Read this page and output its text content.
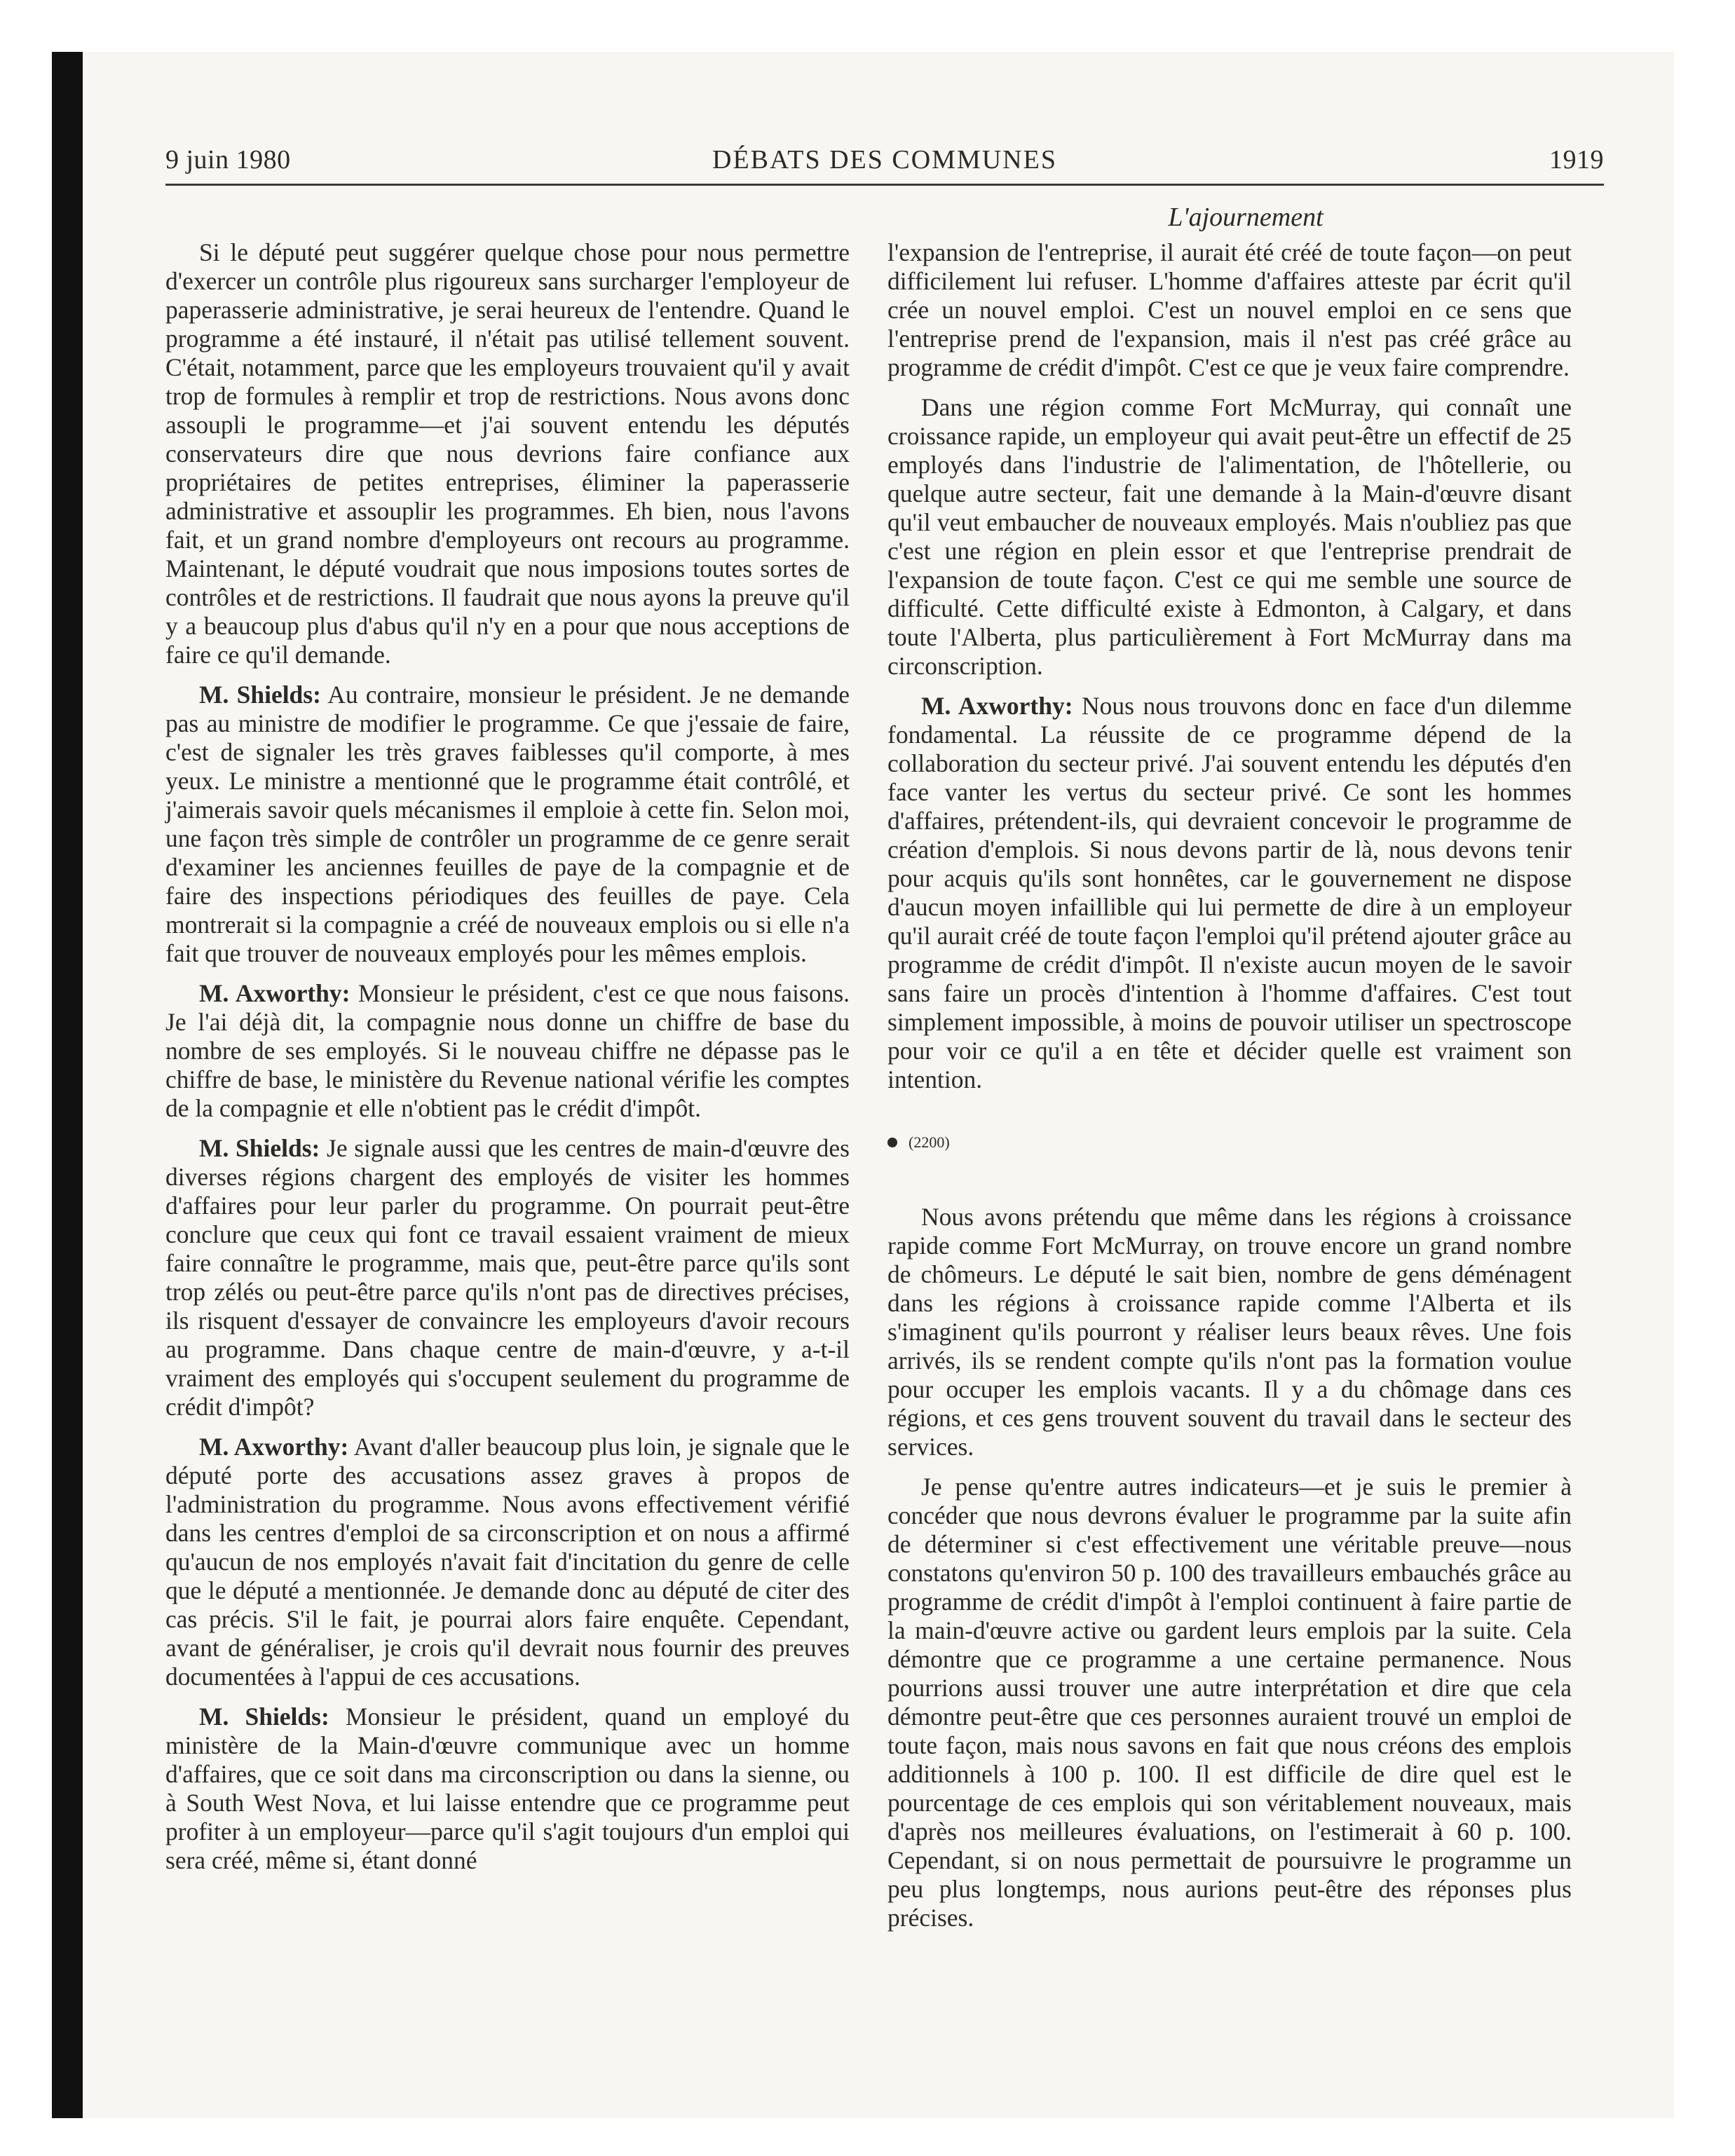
9 juin 1980	DÉBATS DES COMMUNES	1919
L'ajournement

Si le député peut suggérer quelque chose pour nous permettre d'exercer un contrôle plus rigoureux sans surcharger l'employeur de paperasserie administrative, je serai heureux de l'entendre. Quand le programme a été instauré, il n'était pas utilisé tellement souvent. C'était, notamment, parce que les employeurs trouvaient qu'il y avait trop de formules à remplir et trop de restrictions. Nous avons donc assoupli le programme—et j'ai souvent entendu les députés conservateurs dire que nous devrions faire confiance aux propriétaires de petites entreprises, éliminer la paperasserie administrative et assouplir les programmes. Eh bien, nous l'avons fait, et un grand nombre d'employeurs ont recours au programme. Maintenant, le député voudrait que nous imposions toutes sortes de contrôles et de restrictions. Il faudrait que nous ayons la preuve qu'il y a beaucoup plus d'abus qu'il n'y en a pour que nous acceptions de faire ce qu'il demande.

M. Shields: Au contraire, monsieur le président. Je ne demande pas au ministre de modifier le programme. Ce que j'essaie de faire, c'est de signaler les très graves faiblesses qu'il comporte, à mes yeux. Le ministre a mentionné que le programme était contrôlé, et j'aimerais savoir quels mécanismes il emploie à cette fin. Selon moi, une façon très simple de contrôler un programme de ce genre serait d'examiner les anciennes feuilles de paye de la compagnie et de faire des inspections périodiques des feuilles de paye. Cela montrerait si la compagnie a créé de nouveaux emplois ou si elle n'a fait que trouver de nouveaux employés pour les mêmes emplois.

M. Axworthy: Monsieur le président, c'est ce que nous faisons. Je l'ai déjà dit, la compagnie nous donne un chiffre de base du nombre de ses employés. Si le nouveau chiffre ne dépasse pas le chiffre de base, le ministère du Revenue national vérifie les comptes de la compagnie et elle n'obtient pas le crédit d'impôt.

M. Shields: Je signale aussi que les centres de main-d'œuvre des diverses régions chargent des employés de visiter les hommes d'affaires pour leur parler du programme. On pourrait peut-être conclure que ceux qui font ce travail essaient vraiment de mieux faire connaître le programme, mais que, peut-être parce qu'ils sont trop zélés ou peut-être parce qu'ils n'ont pas de directives précises, ils risquent d'essayer de convaincre les employeurs d'avoir recours au programme. Dans chaque centre de main-d'œuvre, y a-t-il vraiment des employés qui s'occupent seulement du programme de crédit d'impôt?

M. Axworthy: Avant d'aller beaucoup plus loin, je signale que le député porte des accusations assez graves à propos de l'administration du programme. Nous avons effectivement vérifié dans les centres d'emploi de sa circonscription et on nous a affirmé qu'aucun de nos employés n'avait fait d'incitation du genre de celle que le député a mentionnée. Je demande donc au député de citer des cas précis. S'il le fait, je pourrai alors faire enquête. Cependant, avant de généraliser, je crois qu'il devrait nous fournir des preuves documentées à l'appui de ces accusations.

M. Shields: Monsieur le président, quand un employé du ministère de la Main-d'œuvre communique avec un homme d'affaires, que ce soit dans ma circonscription ou dans la sienne, ou à South West Nova, et lui laisse entendre que ce programme peut profiter à un employeur—parce qu'il s'agit toujours d'un emploi qui sera créé, même si, étant donné

l'expansion de l'entreprise, il aurait été créé de toute façon—on peut difficilement lui refuser. L'homme d'affaires atteste par écrit qu'il crée un nouvel emploi. C'est un nouvel emploi en ce sens que l'entreprise prend de l'expansion, mais il n'est pas créé grâce au programme de crédit d'impôt. C'est ce que je veux faire comprendre.

Dans une région comme Fort McMurray, qui connaît une croissance rapide, un employeur qui avait peut-être un effectif de 25 employés dans l'industrie de l'alimentation, de l'hôtellerie, ou quelque autre secteur, fait une demande à la Main-d'œuvre disant qu'il veut embaucher de nouveaux employés. Mais n'oubliez pas que c'est une région en plein essor et que l'entreprise prendrait de l'expansion de toute façon. C'est ce qui me semble une source de difficulté. Cette difficulté existe à Edmonton, à Calgary, et dans toute l'Alberta, plus particulièrement à Fort McMurray dans ma circonscription.

M. Axworthy: Nous nous trouvons donc en face d'un dilemme fondamental. La réussite de ce programme dépend de la collaboration du secteur privé. J'ai souvent entendu les députés d'en face vanter les vertus du secteur privé. Ce sont les hommes d'affaires, prétendent-ils, qui devraient concevoir le programme de création d'emplois. Si nous devons partir de là, nous devons tenir pour acquis qu'ils sont honnêtes, car le gouvernement ne dispose d'aucun moyen infaillible qui lui permette de dire à un employeur qu'il aurait créé de toute façon l'emploi qu'il prétend ajouter grâce au programme de crédit d'impôt. Il n'existe aucun moyen de le savoir sans faire un procès d'intention à l'homme d'affaires. C'est tout simplement impossible, à moins de pouvoir utiliser un spectroscope pour voir ce qu'il a en tête et décider quelle est vraiment son intention.

(2200)

Nous avons prétendu que même dans les régions à croissance rapide comme Fort McMurray, on trouve encore un grand nombre de chômeurs. Le député le sait bien, nombre de gens déménagent dans les régions à croissance rapide comme l'Alberta et ils s'imaginent qu'ils pourront y réaliser leurs beaux rêves. Une fois arrivés, ils se rendent compte qu'ils n'ont pas la formation voulue pour occuper les emplois vacants. Il y a du chômage dans ces régions, et ces gens trouvent souvent du travail dans le secteur des services.

Je pense qu'entre autres indicateurs—et je suis le premier à concéder que nous devrons évaluer le programme par la suite afin de déterminer si c'est effectivement une véritable preuve—nous constatons qu'environ 50 p. 100 des travailleurs embauchés grâce au programme de crédit d'impôt à l'emploi continuent à faire partie de la main-d'œuvre active ou gardent leurs emplois par la suite. Cela démontre que ce programme a une certaine permanence. Nous pourrions aussi trouver une autre interprétation et dire que cela démontre peut-être que ces personnes auraient trouvé un emploi de toute façon, mais nous savons en fait que nous créons des emplois additionnels à 100 p. 100. Il est difficile de dire quel est le pourcentage de ces emplois qui son véritablement nouveaux, mais d'après nos meilleures évaluations, on l'estimerait à 60 p. 100. Cependant, si on nous permettait de poursuivre le programme un peu plus longtemps, nous aurions peut-être des réponses plus précises.
